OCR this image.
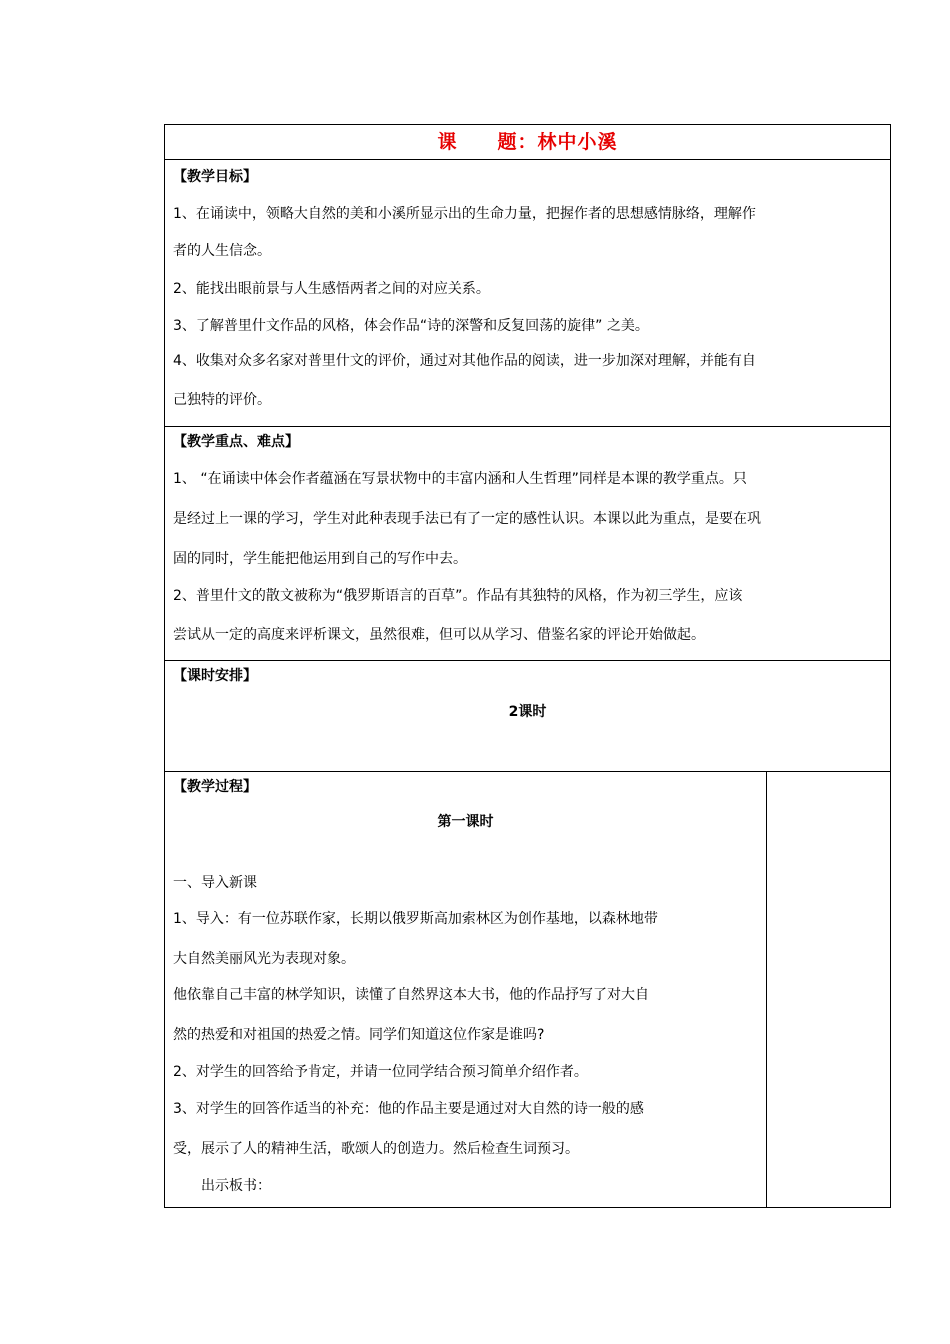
课　　题：林中小溪
【教学目标】
1、在诵读中，领略大自然的美和小溪所显示出的生命力量，把握作者的思想感情脉络，理解作
者的人生信念。
2、能找出眼前景与人生感悟两者之间的对应关系。
3、了解普里什文作品的风格，体会作品“诗的深警和反复回荡的旋律” 之美。
4、收集对众多名家对普里什文的评价，通过对其他作品的阅读，进一步加深对理解，并能有自
己独特的评价。
【教学重点、难点】
1、 “在诵读中体会作者蕴涵在写景状物中的丰富内涵和人生哲理”同样是本课的教学重点。只
是经过上一课的学习，学生对此种表现手法已有了一定的感性认识。本课以此为重点，是要在巩
固的同时，学生能把他运用到自己的写作中去。
2、普里什文的散文被称为“俄罗斯语言的百草”。作品有其独特的风格，作为初三学生，应该
尝试从一定的高度来评析课文，虽然很难，但可以从学习、借鉴名家的评论开始做起。
【课时安排】
2课时
【教学过程】
第一课时
一、导入新课
1、导入：有一位苏联作家，长期以俄罗斯高加索林区为创作基地，以森林地带
大自然美丽风光为表现对象。
他依靠自己丰富的林学知识，读懂了自然界这本大书，他的作品抒写了对大自
然的热爱和对祖国的热爱之情。同学们知道这位作家是谁吗?
2、对学生的回答给予肯定，并请一位同学结合预习简单介绍作者。
3、对学生的回答作适当的补充：他的作品主要是通过对大自然的诗一般的感
受，展示了人的精神生活，歌颂人的创造力。然后检查生词预习。
　　出示板书：
